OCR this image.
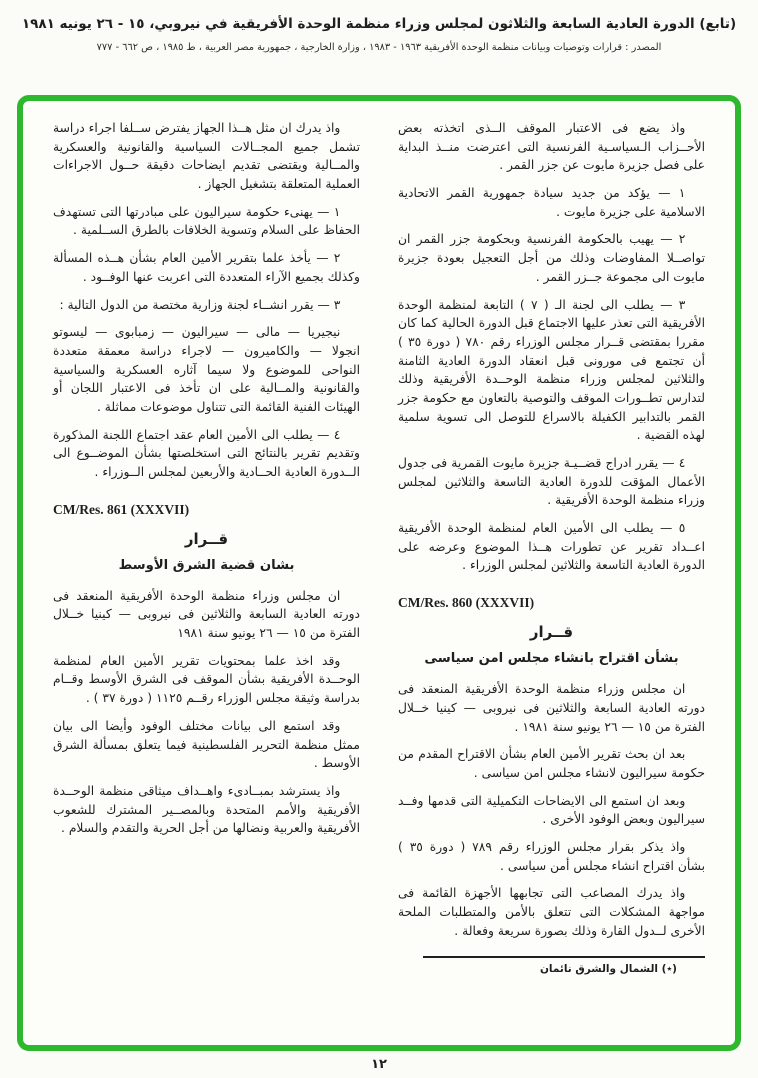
(تابع) الدورة العادية السابعة والثلاثون لمجلس وزراء منظمة الوحدة الأفريقية في نيروبي، ١٥ - ٢٦ يونيه ١٩٨١
المصدر : قرارات وتوصيات وبيانات منظمة الوحدة الأفريقية ١٩٦٣ - ١٩٨٣ ، وزارة الخارجية ، جمهورية مصر العربية ، ط ١٩٨٥ ، ص ٦٦٢ - ٧٧٧

واذ يضع فى الاعتبار الموقف الــذى اتخذته بعض الأحــزاب الـسياسـية الفرنسية التى اعترضت منــذ البداية على فصل جزيرة مايوت عن جزر القمر .

١ — يؤكد من جديد سيادة جمهورية القمر الاتحادية الاسلامية على جزيرة مايوت .

٢ — يهيب بالحكومة الفرنسية وبحكومة جزر القمر ان تواصــلا المفاوضات وذلك من أجل التعجيل بعودة جزيرة مايوت الى مجموعة جــزر القمر .

٣ — يطلب الى لجنة الـ ( ٧ ) التابعة لمنظمة الوحدة الأفريقية التى تعذر عليها الاجتماع قبل الدورة الحالية كما كان مقررا بمقتضى قــرار مجلس الوزراء رقم ٧٨٠ ( دورة ٣٥ ) أن تجتمع فى مورونى قبل انعقاد الدورة العادية الثامنة والثلاثين لمجلس وزراء منظمة الوحــدة الأفريقية وذلك لتدارس تطــورات الموقف والتوصية بالتعاون مع حكومة جزر القمر بالتدابير الكفيلة بالاسراع للتوصل الى تسوية سلمية لهذه القضية .

٤ — يقرر ادراج قضــيـة جزيرة مايوت القمرية فى جدول الأعمال المؤقت للدورة العادية التاسعة والثلاثين لمجلس وزراء منظمة الوحدة الأفريقية .

٥ — يطلب الى الأمين العام لمنظمة الوحدة الأفريقية اعــداد تقرير عن تطورات هــذا الموضوع وعرضه على الدورة العادية التاسعة والثلاثين لمجلس الوزراء .

CM/Res. 860 (XXXVII)
قــرار
بشأن اقتراح بانشاء مجلس امن سياسى

ان مجلس وزراء منظمة الوحدة الأفريقية المنعقد فى دورته العادية السابعة والثلاثين فى نيروبى — كينيا خــلال الفترة من ١٥ — ٢٦ يونيو سنة ١٩٨١ .

بعد ان بحث تقرير الأمين العام بشأن الاقتراح المقدم من حكومة سيراليون لانشاء مجلس امن سياسى .

وبعد ان استمع الى الايضاحات التكميلية التى قدمها وفــد سيراليون وبعض الوفود الأخرى .

واذ يذكر بقرار مجلس الوزراء رقم ٧٨٩ ( دورة ٣٥ ) بشأن اقتراح انشاء مجلس أمن سياسى .

واذ يدرك المصاعب التى تجابهها الأجهزة القائمة فى مواجهة المشكلات التى تتعلق بالأمن والمتطلبات الملحة الأخرى لــدول القارة وذلك بصورة سريعة وفعالة .

(٭) الشمال والشرق نائمان

واذ يدرك ان مثل هــذا الجهاز يفترض ســلفا اجراء دراسة تشمل جميع المجــالات السياسية والقانونية والعسكرية والمــالية ويقتضى تقديم ايضاحات دقيقة حــول الاجراءات العملية المتعلقة بتشغيل الجهاز .

١ — يهنىء حكومة سيراليون على مبادرتها التى تستهدف الحفاظ على السلام وتسوية الخلافات بالطرق الســلمية .

٢ — يأخذ علما بتقرير الأمين العام بشأن هــذه المسألة وكذلك بجميع الآراء المتعددة التى اعربت عنها الوفــود .

٣ — يقرر انشــاء لجنة وزارية مختصة من الدول التالية :

نيجيريا — مالى — سيراليون — زمبابوى — ليسوتو انجولا — والكاميرون — لاجراء دراسة معمقة متعددة النواحى للموضوع ولا سيما آثاره العسكرية والسياسية والقانونية والمــالية على ان تأخذ فى الاعتبار اللجان أو الهيئات الفنية القائمة التى تتناول موضوعات مماثلة .

٤ — يطلب الى الأمين العام عقد اجتماع اللجنة المذكورة وتقديم تقرير بالنتائج التى استخلصتها بشأن الموضــوع الى الــدورة العادية الحــادية والأربعين لمجلس الــوزراء .

CM/Res. 861 (XXXVII)
قــرار
بشان قضية الشرق الأوسط

ان مجلس وزراء منظمة الوحدة الأفريقية المنعقد فى دورته العادية السابعة والثلاثين فى نيروبى — كينيا خــلال الفترة من ١٥ — ٢٦ يونيو سنة ١٩٨١

وقد اخذ علما بمحتويات تقرير الأمين العام لمنظمة الوحــدة الأفريقية بشأن الموقف فى الشرق الأوسط وقــام بدراسة وثيقة مجلس الوزراء رقــم ١١٢٥ ( دورة ٣٧ ) .

وقد استمع الى بيانات مختلف الوفود وأيضا الى بيان ممثل منظمة التحرير الفلسطينية فيما يتعلق بمسألة الشرق الأوسط .

واذ يسترشد بمبــادىء واهــداف ميثاقى منظمة الوحــدة الأفريقية والأمم المتحدة وبالمصــير المشترك للشعوب الأفريقية والعربية ونضالها من أجل الحرية والتقدم والسلام .

١٢
